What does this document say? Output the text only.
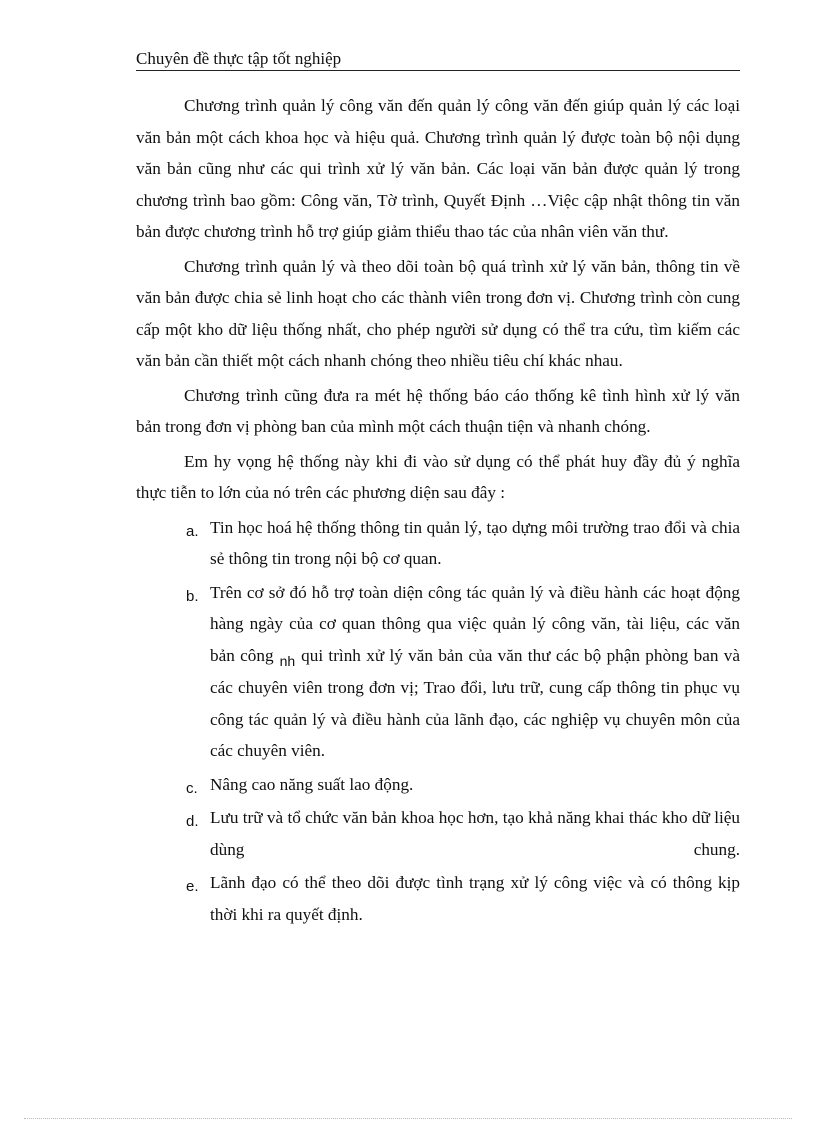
Chuyên đề thực tập tốt nghiệp

Chương trình quản lý công văn đến quản lý công văn đến giúp quản lý các loại văn bản một cách khoa học và hiệu quả. Chương trình quản lý được toàn bộ nội dụng văn bản cũng như các qui trình xử lý văn bản. Các loại văn bản được quản lý trong chương trình bao gồm: Công văn, Tờ trình, Quyết Định …Việc cập nhật thông tin văn bản được chương trình hỗ trợ giúp giảm thiểu thao tác của nhân viên văn thư.

Chương trình quản lý và theo dõi toàn bộ quá trình xử lý văn bản, thông tin về văn bản được chia sẻ linh hoạt cho các thành viên trong đơn vị. Chương trình còn cung cấp một kho dữ liệu thống nhất, cho phép người sử dụng có thể tra cứu, tìm kiếm các văn bản cần thiết một cách nhanh chóng theo nhiều tiêu chí khác nhau.

Chương trình cũng đưa ra mét hệ thống báo cáo thống kê tình hình xử lý văn bản trong đơn vị phòng ban của mình một cách thuận tiện và nhanh chóng.

Em hy vọng hệ thống này khi đi vào sử dụng có thể phát huy đầy đủ ý nghĩa thực tiễn to lớn của nó trên các phương diện sau đây :

a. Tin học hoá hệ thống thông tin quản lý, tạo dựng môi trường trao đổi và chia sẻ thông tin trong nội bộ cơ quan.
b. Trên cơ sở đó hỗ trợ toàn diện công tác quản lý và điều hành các hoạt động hàng ngày của cơ quan thông qua việc quản lý công văn, tài liệu, các văn bản công $_{nh}$ qui trình xử lý văn bản của văn thư các bộ phận phòng ban và các chuyên viên trong đơn vị; Trao đổi, lưu trữ, cung cấp thông tin phục vụ công tác quản lý và điều hành của lãnh đạo, các nghiệp vụ chuyên môn của các chuyên viên.
c. Nâng cao năng suất lao động.
d. Lưu trữ và tổ chức văn bản khoa học hơn, tạo khả năng khai thác kho dữ liệu dùng chung.
e. Lãnh đạo có thể theo dõi được tình trạng xử lý công việc và có thông kịp thời khi ra quyết định.
